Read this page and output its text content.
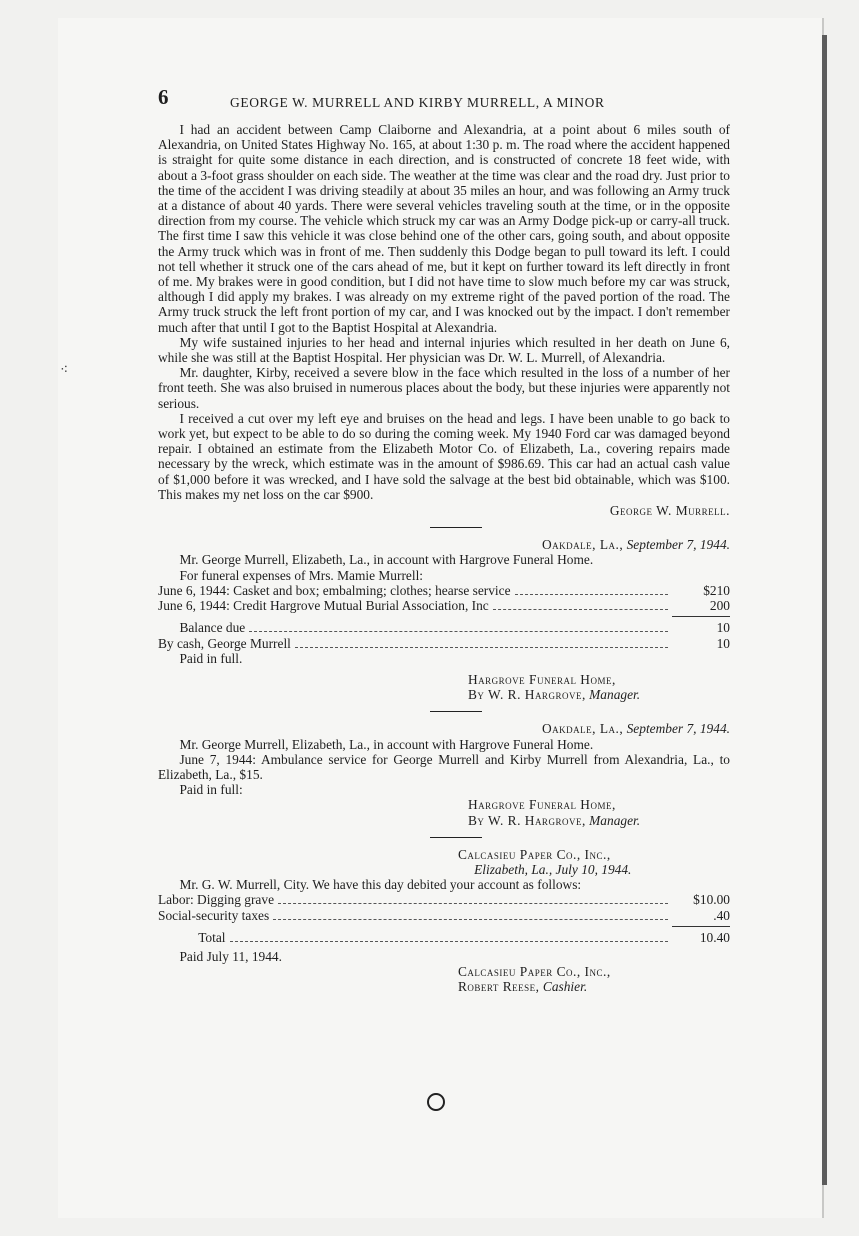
⁖
6	GEORGE W. MURRELL AND KIRBY MURRELL, A MINOR

I had an accident between Camp Claiborne and Alexandria, at a point about 6 miles south of Alexandria, on United States Highway No. 165, at about 1:30 p. m. The road where the accident happened is straight for quite some distance in each direction, and is constructed of concrete 18 feet wide, with about a 3-foot grass shoulder on each side. The weather at the time was clear and the road dry. Just prior to the time of the accident I was driving steadily at about 35 miles an hour, and was following an Army truck at a distance of about 40 yards. There were several vehicles traveling south at the time, or in the opposite direction from my course. The vehicle which struck my car was an Army Dodge pick-up or carry-all truck. The first time I saw this vehicle it was close behind one of the other cars, going south, and about opposite the Army truck which was in front of me. Then suddenly this Dodge began to pull toward its left. I could not tell whether it struck one of the cars ahead of me, but it kept on further toward its left directly in front of me. My brakes were in good condition, but I did not have time to slow much before my car was struck, although I did apply my brakes. I was already on my extreme right of the paved portion of the road. The Army truck struck the left front portion of my car, and I was knocked out by the impact. I don't remember much after that until I got to the Baptist Hospital at Alexandria.

My wife sustained injuries to her head and internal injuries which resulted in her death on June 6, while she was still at the Baptist Hospital. Her physician was Dr. W. L. Murrell, of Alexandria.

Mr. daughter, Kirby, received a severe blow in the face which resulted in the loss of a number of her front teeth. She was also bruised in numerous places about the body, but these injuries were apparently not serious.

I received a cut over my left eye and bruises on the head and legs. I have been unable to go back to work yet, but expect to be able to do so during the coming week. My 1940 Ford car was damaged beyond repair. I obtained an estimate from the Elizabeth Motor Co. of Elizabeth, La., covering repairs made necessary by the wreck, which estimate was in the amount of $986.69. This car had an actual cash value of $1,000 before it was wrecked, and I have sold the salvage at the best bid obtainable, which was $100. This makes my net loss on the car $900.

George W. Murrell.
Oakdale, La., September 7, 1944.
Mr. George Murrell, Elizabeth, La., in account with Hargrove Funeral Home.
For funeral expenses of Mrs. Mamie Murrell:
June 6, 1944: Casket and box; embalming; clothes; hearse service	$210
June 6, 1944: Credit Hargrove Mutual Burial Association, Inc	200
Balance due	10
By cash, George Murrell	10
Paid in full.
Hargrove Funeral Home,
By W. R. Hargrove, Manager.
Oakdale, La., September 7, 1944.
Mr. George Murrell, Elizabeth, La., in account with Hargrove Funeral Home.

June 7, 1944: Ambulance service for George Murrell and Kirby Murrell from Alexandria, La., to Elizabeth, La., $15.

Paid in full:
Hargrove Funeral Home,
By W. R. Hargrove, Manager.
Calcasieu Paper Co., Inc.,
Elizabeth, La., July 10, 1944.
Mr. G. W. Murrell, City. We have this day debited your account as follows:
Labor: Digging grave	$10.00
Social-security taxes	.40
Total	10.40
Paid July 11, 1944.
Calcasieu Paper Co., Inc.,
Robert Reese, Cashier.
